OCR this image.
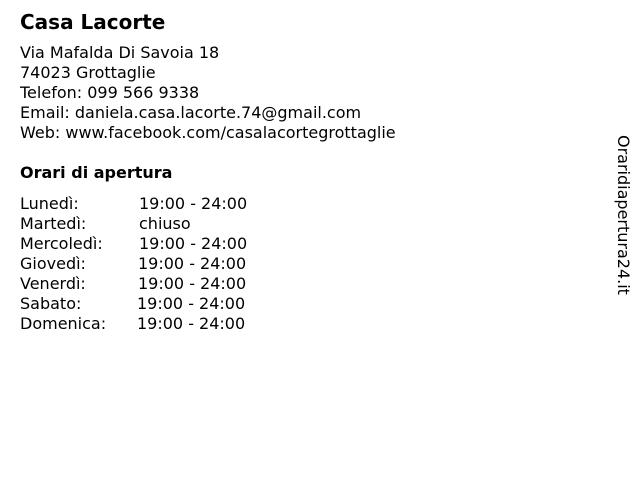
Casa Lacorte
Via Mafalda Di Savoia 18
74023 Grottaglie
Telefon: 099 566 9338
Email: daniela.casa.lacorte.74@gmail.com
Web: www.facebook.com/casalacortegrottaglie
Orari di apertura
Lunedì:	19:00 - 24:00
Martedì:	chiuso
Mercoledì: 19:00 - 24:00
Giovedì:	19:00 - 24:00
Venerdì:	19:00 - 24:00
Sabato:	19:00 - 24:00
Domenica: 19:00 - 24:00
Oraridiapertura24.it
